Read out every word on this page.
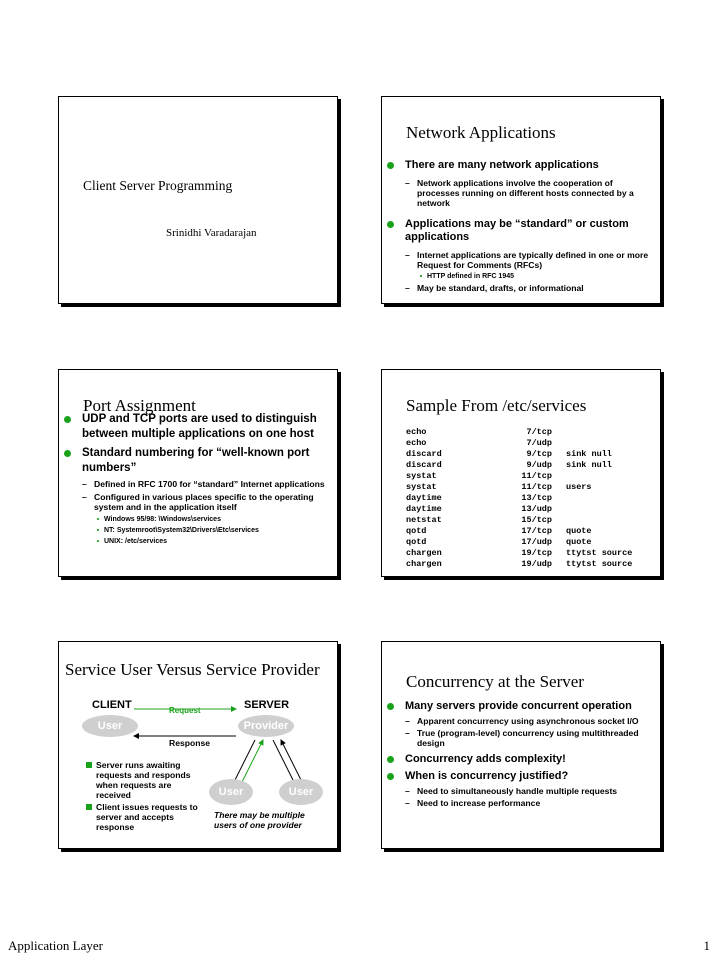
Client Server Programming
Srinidhi Varadarajan
Network Applications
There are many network applications
– Network applications involve the cooperation of processes running on different hosts connected by a network
Applications may be “standard” or custom applications
– Internet applications are typically defined in one or more Request for Comments (RFCs)
HTTP defined in RFC 1945
– May be standard, drafts, or informational
Port Assignment
UDP and TCP ports are used to distinguish between multiple applications on one host
Standard numbering for “well-known port numbers”
– Defined in RFC 1700 for “standard” Internet applications
– Configured in various places specific to the operating system and in the application itself
Windows 95/98: \Windows\services
NT: Systemroot\System32\Drivers\Etc\services
UNIX: /etc/services
Sample From /etc/services
echo	7/tcp	
echo	7/udp	
discard	9/tcp	sink null
discard	9/udp	sink null
systat	11/tcp	
systat	11/tcp	users
daytime	13/tcp	
daytime	13/udp	
netstat	15/tcp	
qotd	17/tcp	quote
qotd	17/udp	quote
chargen	19/tcp	ttytst source
chargen	19/udp	ttytst source
Service User Versus Service Provider
CLIENT	SERVER
Request
User	Provider
Response
User	User
Server runs awaiting requests and responds when requests are received
Client issues requests to server and accepts response
There may be multiple users of one provider
Concurrency at the Server
Many servers provide concurrent operation
– Apparent concurrency using asynchronous socket I/O
– True (program-level) concurrency using multithreaded design
Concurrency adds complexity!
When is concurrency justified?
– Need to simultaneously handle multiple requests
– Need to increase performance
Application Layer	1
